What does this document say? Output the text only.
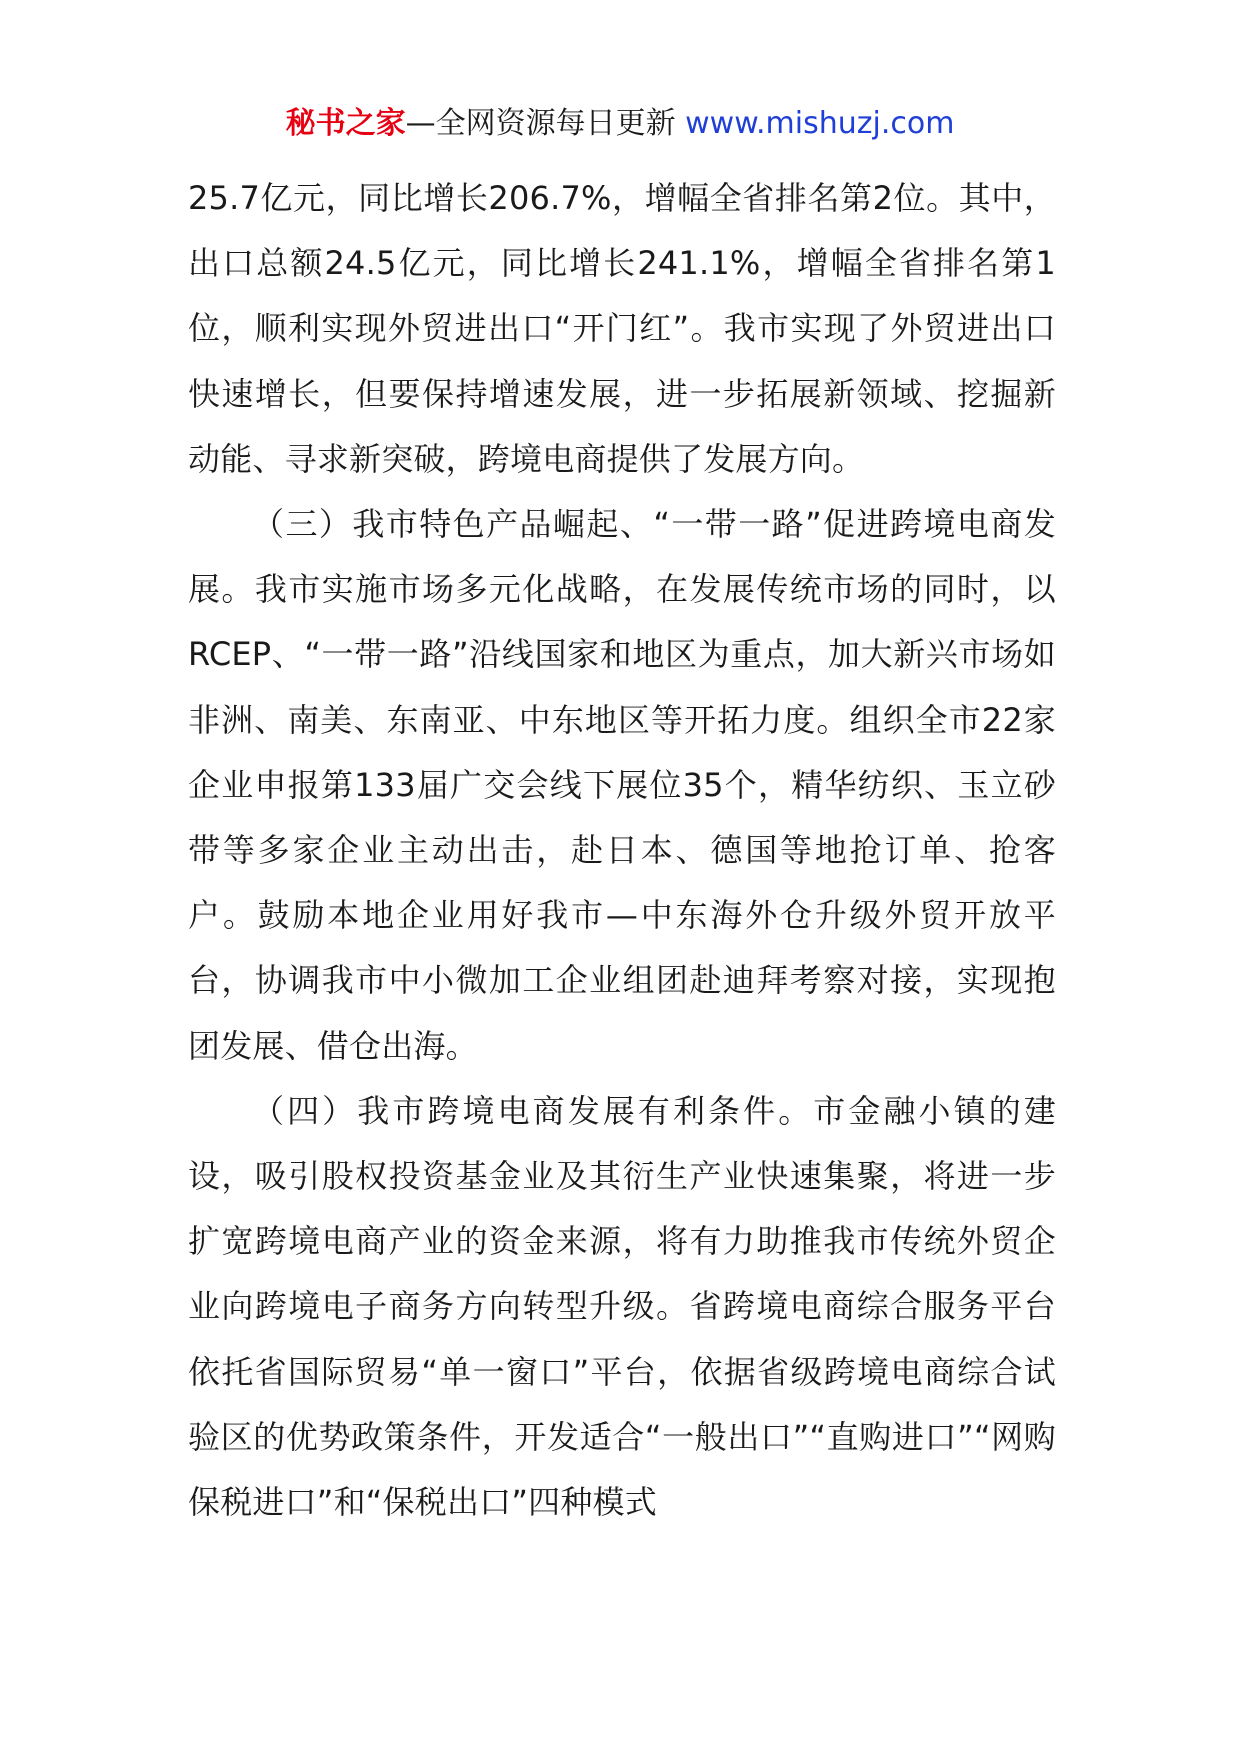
秘书之家—全网资源每日更新 www.mishuzj.com

25.7亿元，同比增长206.7%，增幅全省排名第2位。其中，出口总额24.5亿元，同比增长241.1%，增幅全省排名第1位，顺利实现外贸进出口“开门红”。我市实现了外贸进出口快速增长，但要保持增速发展，进一步拓展新领域、挖掘新动能、寻求新突破，跨境电商提供了发展方向。

（三）我市特色产品崛起、“一带一路”促进跨境电商发展。我市实施市场多元化战略，在发展传统市场的同时，以RCEP、“一带一路”沿线国家和地区为重点，加大新兴市场如非洲、南美、东南亚、中东地区等开拓力度。组织全市22家企业申报第133届广交会线下展位35个，精华纺织、玉立砂带等多家企业主动出击，赴日本、德国等地抢订单、抢客户。鼓励本地企业用好我市—中东海外仓升级外贸开放平台，协调我市中小微加工企业组团赴迪拜考察对接，实现抱团发展、借仓出海。

（四）我市跨境电商发展有利条件。市金融小镇的建设，吸引股权投资基金业及其衍生产业快速集聚，将进一步扩宽跨境电商产业的资金来源，将有力助推我市传统外贸企业向跨境电子商务方向转型升级。省跨境电商综合服务平台依托省国际贸易“单一窗口”平台，依据省级跨境电商综合试验区的优势政策条件，开发适合“一般出口”“直购进口”“网购保税进口”和“保税出口”四种模式
